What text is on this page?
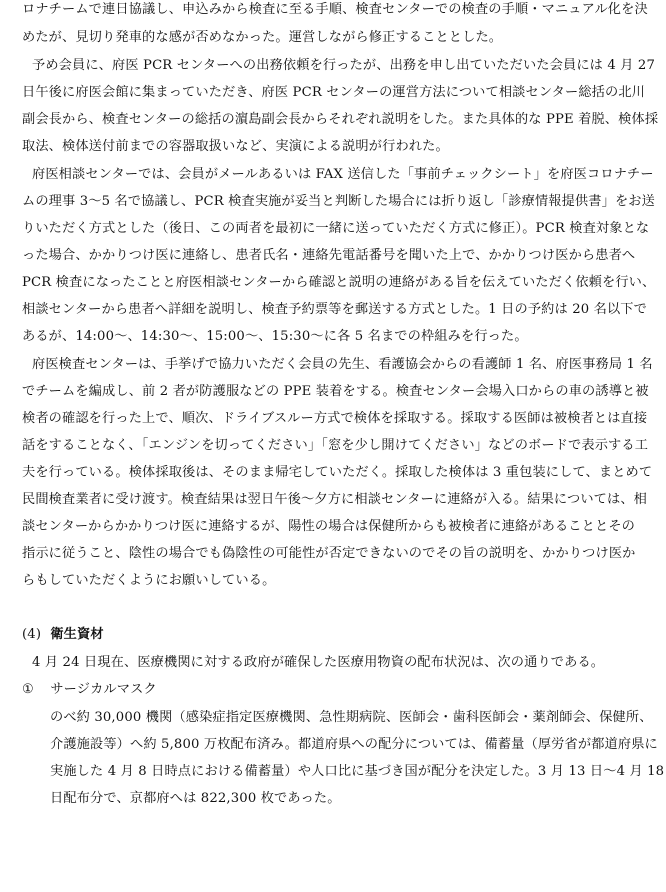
ロナチームで連日協議し、申込みから検査に至る手順、検査センターでの検査の手順・マニュアル化を決
めたが、見切り発車的な感が否めなかった。運営しながら修正することとした。
予め会員に、府医 PCR センターへの出務依頼を行ったが、出務を申し出ていただいた会員には 4 月 27
日午後に府医会館に集まっていただき、府医 PCR センターの運営方法について相談センター総括の北川
副会長から、検査センターの総括の濵島副会長からそれぞれ説明をした。また具体的な PPE 着脱、検体採
取法、検体送付前までの容器取扱いなど、実演による説明が行われた。
府医相談センターでは、会員がメールあるいは FAX 送信した「事前チェックシート」を府医コロナチー
ムの理事 3～5 名で協議し、PCR 検査実施が妥当と判断した場合には折り返し「診療情報提供書」をお送
りいただく方式とした（後日、この両者を最初に一緒に送っていただく方式に修正）。PCR 検査対象とな
った場合、かかりつけ医に連絡し、患者氏名・連絡先電話番号を聞いた上で、かかりつけ医から患者へ
PCR 検査になったことと府医相談センターから確認と説明の連絡がある旨を伝えていただく依頼を行い、
相談センターから患者へ詳細を説明し、検査予約票等を郵送する方式とした。1 日の予約は 20 名以下で
あるが、14:00～、14:30～、15:00～、15:30～に各 5 名までの枠組みを行った。
府医検査センターは、手挙げで協力いただく会員の先生、看護協会からの看護師 1 名、府医事務局 1 名
でチームを編成し、前 2 者が防護服などの PPE 装着をする。検査センター会場入口からの車の誘導と被
検者の確認を行った上で、順次、ドライブスルー方式で検体を採取する。採取する医師は被検者とは直接
話をすることなく、「エンジンを切ってください」「窓を少し開けてください」などのボードで表示する工
夫を行っている。検体採取後は、そのまま帰宅していただく。採取した検体は 3 重包装にして、まとめて
民間検査業者に受け渡す。検査結果は翌日午後～夕方に相談センターに連絡が入る。結果については、相
談センターからかかりつけ医に連絡するが、陽性の場合は保健所からも被検者に連絡があることとその
指示に従うこと、陰性の場合でも偽陰性の可能性が否定できないのでその旨の説明を、かかりつけ医か
らもしていただくようにお願いしている。
(4) 衛生資材
4 月 24 日現在、医療機関に対する政府が確保した医療用物資の配布状況は、次の通りである。
① サージカルマスク
のべ約 30,000 機関（感染症指定医療機関、急性期病院、医師会・歯科医師会・薬剤師会、保健所、
介護施設等）へ約 5,800 万枚配布済み。都道府県への配分については、備蓄量（厚労省が都道府県に
実施した 4 月 8 日時点における備蓄量）や人口比に基づき国が配分を決定した。3 月 13 日～4 月 18
日配布分で、京都府へは 822,300 枚であった。
